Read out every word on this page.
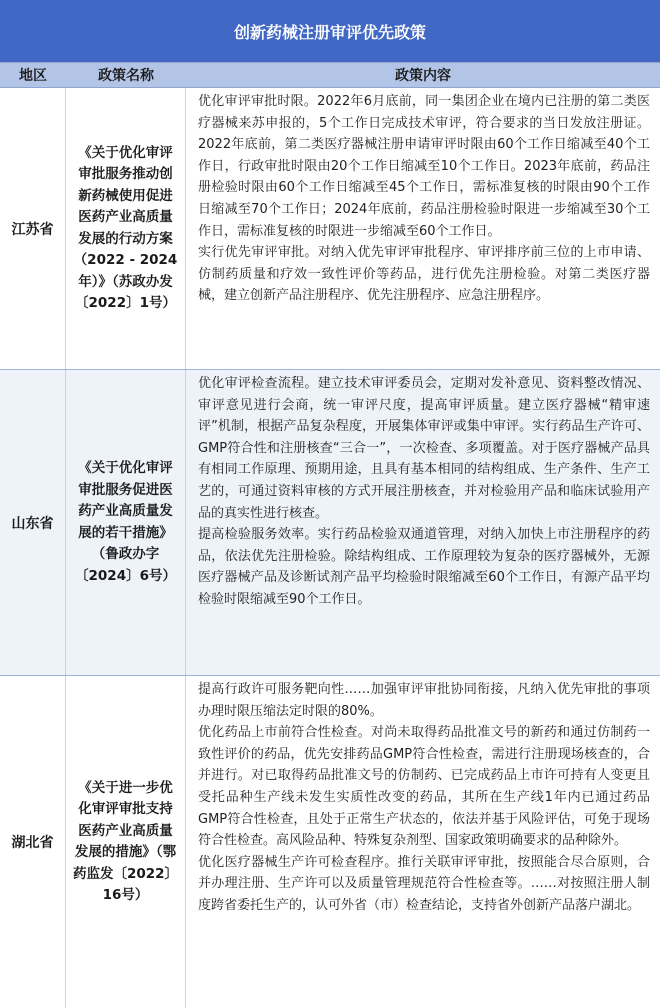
创新药械注册审评优先政策
地区	政策名称	政策内容
江苏省
《关于优化审评审批服务推动创新药械使用促进医药产业高质量发展的行动方案（2022 - 2024年）》（苏政办发〔2022〕1号）

优化审评审批时限。2022年6月底前，同一集团企业在境内已注册的第二类医疗器械来苏申报的，5个工作日完成技术审评，符合要求的当日发放注册证。2022年底前，第二类医疗器械注册申请审评时限由60个工作日缩减至40个工作日，行政审批时限由20个工作日缩减至10个工作日。2023年底前，药品注册检验时限由60个工作日缩减至45个工作日，需标准复核的时限由90个工作日缩减至70个工作日；2024年底前，药品注册检验时限进一步缩减至30个工作日，需标准复核的时限进一步缩减至60个工作日。

实行优先审评审批。对纳入优先审评审批程序、审评排序前三位的上市申请、仿制药质量和疗效一致性评价等药品，进行优先注册检验。对第二类医疗器械，建立创新产品注册程序、优先注册程序、应急注册程序。

山东省
《关于优化审评审批服务促进医药产业高质量发展的若干措施》（鲁政办字〔2024〕6号）

优化审评检查流程。建立技术审评委员会，定期对发补意见、资料整改情况、审评意见进行会商，统一审评尺度，提高审评质量。建立医疗器械“精审速评”机制，根据产品复杂程度，开展集体审评或集中审评。实行药品生产许可、GMP符合性和注册核查“三合一”，一次检查、多项覆盖。对于医疗器械产品具有相同工作原理、预期用途，且具有基本相同的结构组成、生产条件、生产工艺的，可通过资料审核的方式开展注册核查，并对检验用产品和临床试验用产品的真实性进行核查。

提高检验服务效率。实行药品检验双通道管理，对纳入加快上市注册程序的药品，依法优先注册检验。除结构组成、工作原理较为复杂的医疗器械外，无源医疗器械产品及诊断试剂产品平均检验时限缩减至60个工作日，有源产品平均检验时限缩减至90个工作日。

湖北省
《关于进一步优化审评审批支持医药产业高质量发展的措施》（鄂药监发〔2022〕16号）

提高行政许可服务靶向性……加强审评审批协同衔接，凡纳入优先审批的事项办理时限压缩法定时限的80%。

优化药品上市前符合性检查。对尚未取得药品批准文号的新药和通过仿制药一致性评价的药品，优先安排药品GMP符合性检查，需进行注册现场核查的，合并进行。对已取得药品批准文号的仿制药、已完成药品上市许可持有人变更且受托品种生产线未发生实质性改变的药品，其所在生产线1年内已通过药品GMP符合性检查，且处于正常生产状态的，依法并基于风险评估，可免于现场符合性检查。高风险品种、特殊复杂剂型、国家政策明确要求的品种除外。

优化医疗器械生产许可检查程序。推行关联审评审批，按照能合尽合原则，合并办理注册、生产许可以及质量管理规范符合性检查等。……对按照注册人制度跨省委托生产的，认可外省（市）检查结论，支持省外创新产品落户湖北。
